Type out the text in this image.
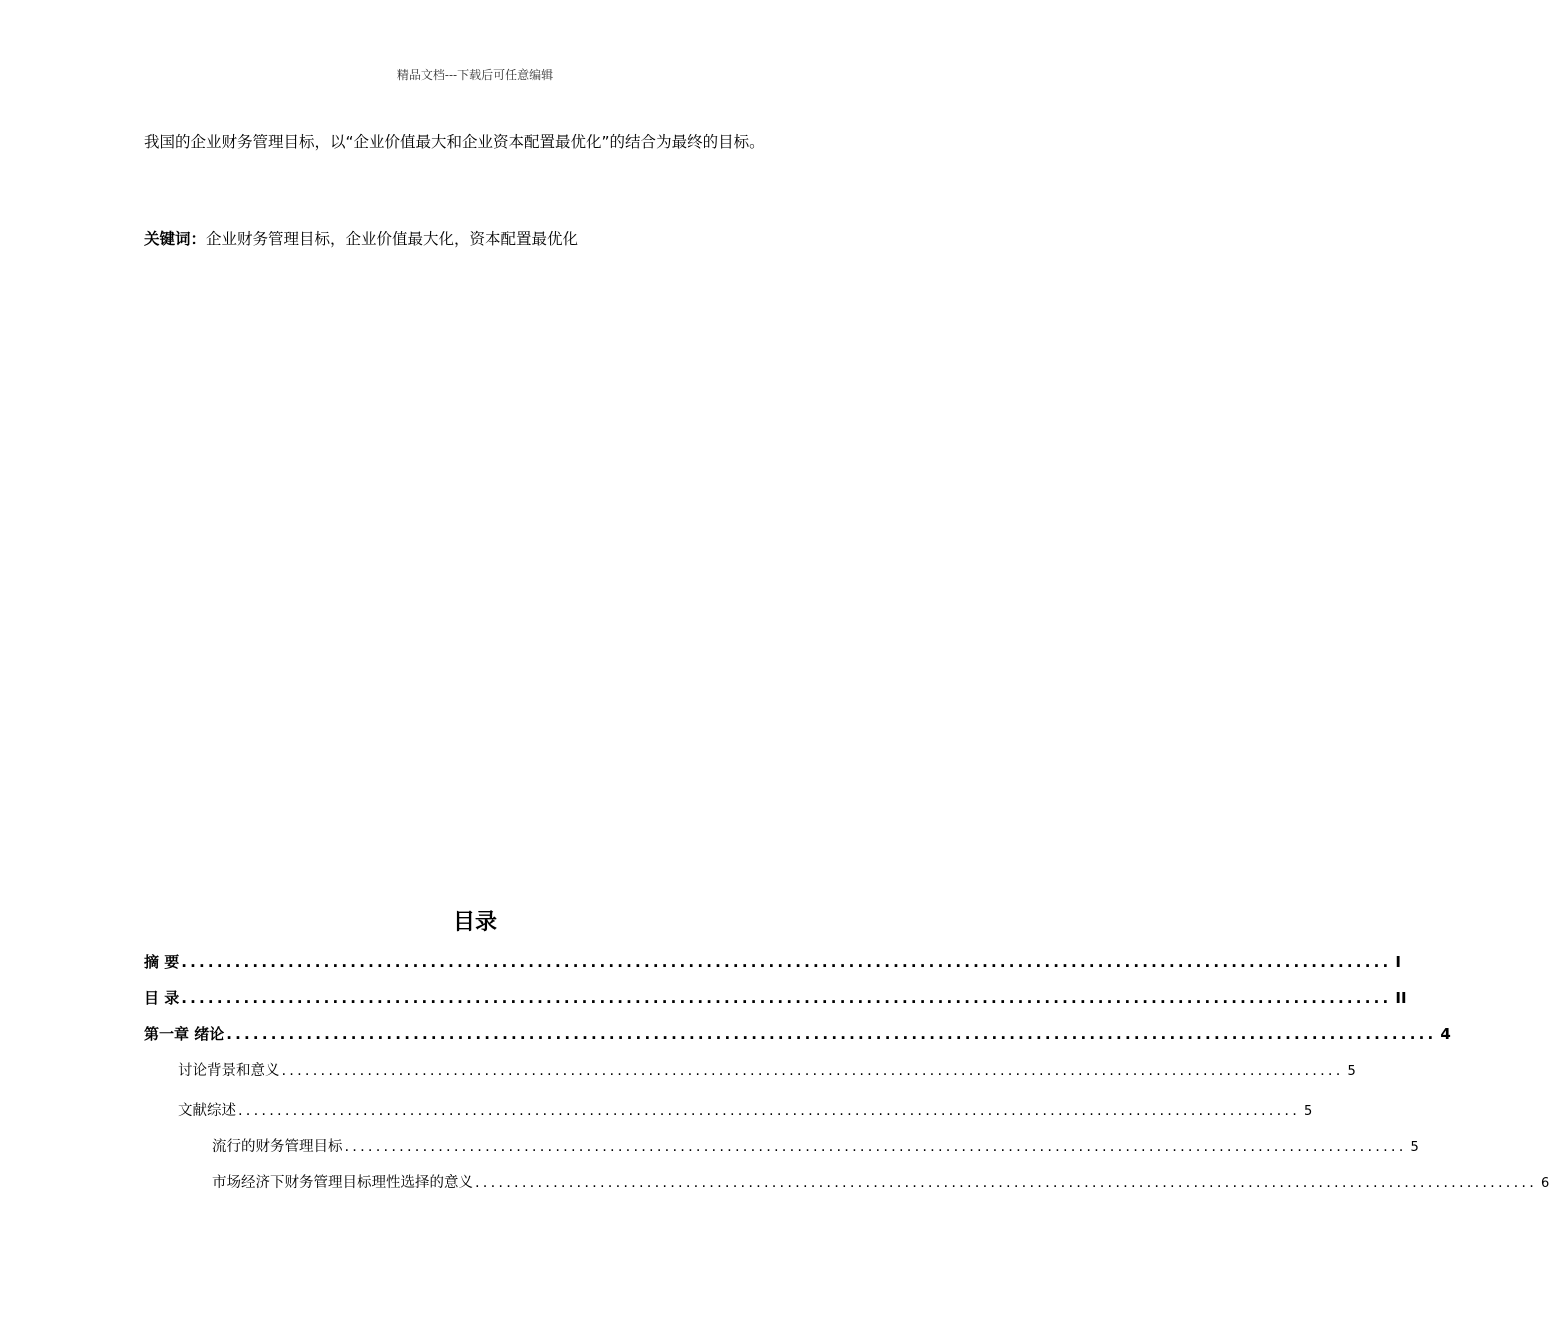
精品文档---下载后可任意编辑

我国的企业财务管理目标，以“企业价值最大和企业资本配置最优化”的结合为最终的目标。

关键词：企业财务管理目标，企业价值最大化，资本配置最优化
目录
摘 要 ........................................................................................................................................ I
目 录 ........................................................................................................................................ II
第一章 绪论 ........................................................................................................................................ 4
讨论背景和意义 ........................................................................................................................................ 5
文献综述 ........................................................................................................................................ 5
流行的财务管理目标 ........................................................................................................................................ 5
市场经济下财务管理目标理性选择的意义 ........................................................................................................................................ 6
